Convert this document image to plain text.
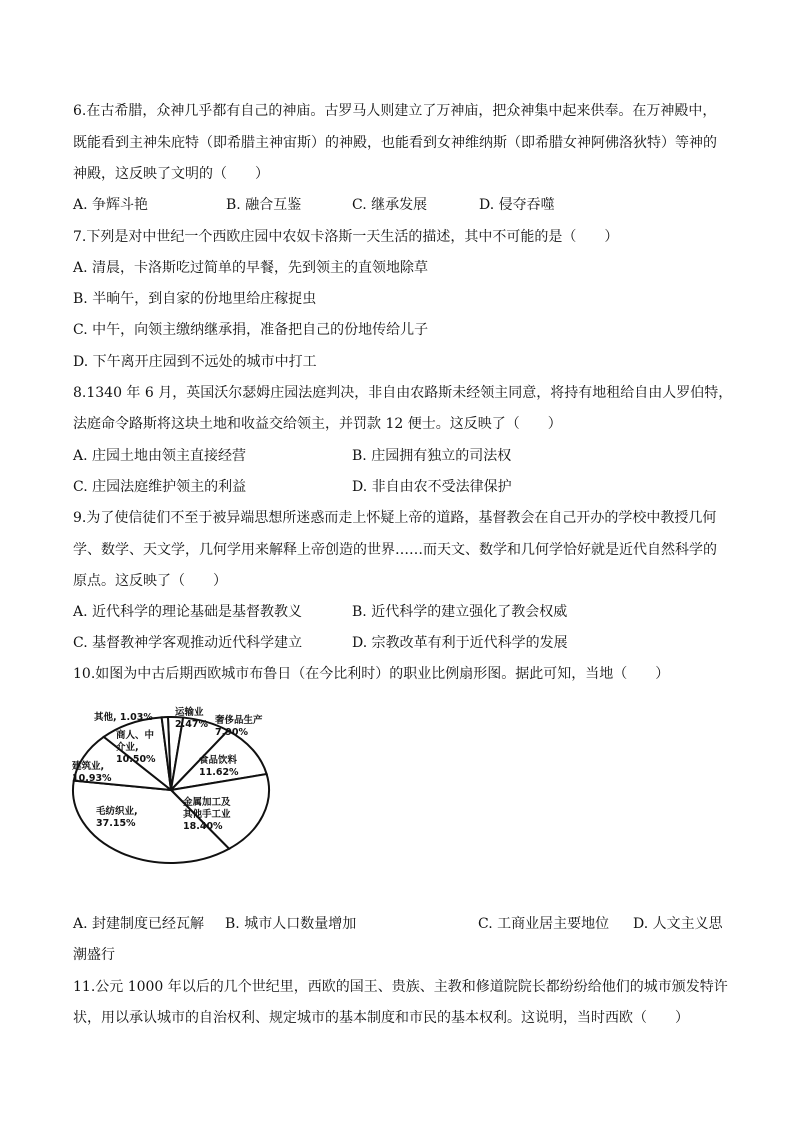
6.在古希腊，众神几乎都有自己的神庙。古罗马人则建立了万神庙，把众神集中起来供奉。在万神殿中，
既能看到主神朱庇特（即希腊主神宙斯）的神殿，也能看到女神维纳斯（即希腊女神阿佛洛狄特）等神的
神殿，这反映了文明的（　　）
A. 争辉斗艳	B. 融合互鉴	C. 继承发展	D. 侵夺吞噬
7.下列是对中世纪一个西欧庄园中农奴卡洛斯一天生活的描述，其中不可能的是（　　）
A. 清晨，卡洛斯吃过简单的早餐，先到领主的直领地除草
B. 半晌午，到自家的份地里给庄稼捉虫
C. 中午，向领主缴纳继承捐，准备把自己的份地传给儿子
D. 下午离开庄园到不远处的城市中打工
8.1340 年 6 月，英国沃尔瑟姆庄园法庭判决，非自由农路斯未经领主同意，将持有地租给自由人罗伯特，
法庭命令路斯将这块土地和收益交给领主，并罚款 12 便士。这反映了（　　）
A. 庄园土地由领主直接经营	B. 庄园拥有独立的司法权
C. 庄园法庭维护领主的利益	D. 非自由农不受法律保护
9.为了使信徒们不至于被异端思想所迷惑而走上怀疑上帝的道路，基督教会在自己开办的学校中教授几何
学、数学、天文学，几何学用来解释上帝创造的世界……而天文、数学和几何学恰好就是近代自然科学的
原点。这反映了（　　）
A. 近代科学的理论基础是基督教教义	B. 近代科学的建立强化了教会权威
C. 基督教神学客观推动近代科学建立	D. 宗教改革有利于近代科学的发展
10.如图为中古后期西欧城市布鲁日（在今比利时）的职业比例扇形图。据此可知，当地（　　）
运输业 2.47% 奢侈品生产 7.90%
食品饮料 11.62%
金属加工及其他手工业 18.40%
毛纺织业, 37.15%
建筑业, 10.93%
商人、中介业, 10.50%
其他, 1.03%
A. 封建制度已经瓦解 B. 城市人口数量增加	C. 工商业居主要地位 D. 人文主义思
潮盛行
11.公元 1000 年以后的几个世纪里，西欧的国王、贵族、主教和修道院院长都纷纷给他们的城市颁发特许
状，用以承认城市的自治权利、规定城市的基本制度和市民的基本权利。这说明，当时西欧（　　）
